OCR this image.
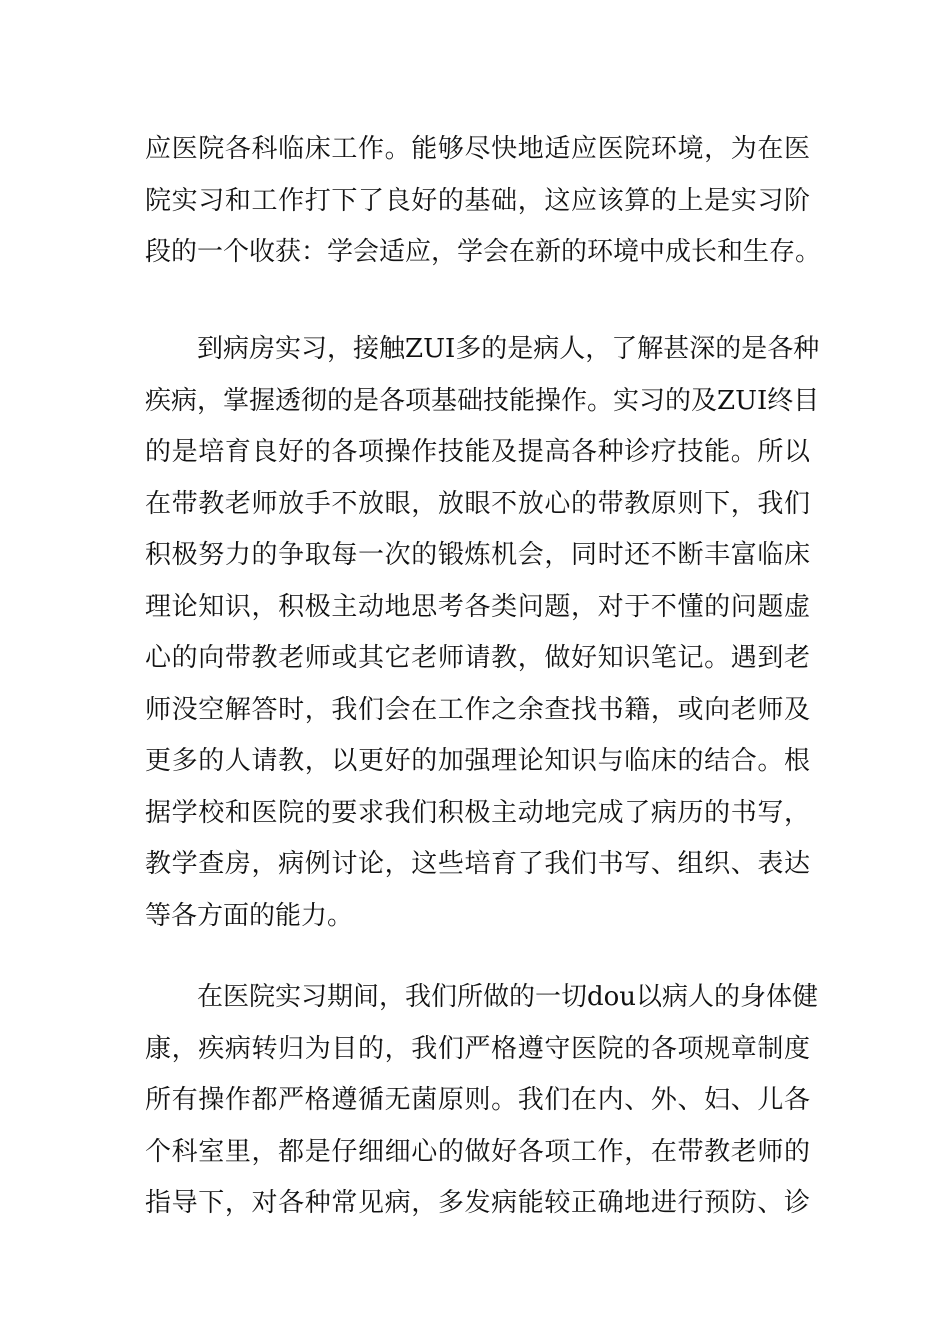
应医院各科临床工作。能够尽快地适应医院环境，为在医
院实习和工作打下了良好的基础，这应该算的上是实习阶
段的一个收获：学会适应，学会在新的环境中成长和生存。
到病房实习，接触ZUI多的是病人，了解甚深的是各种
疾病，掌握透彻的是各项基础技能操作。实习的及ZUI终目
的是培育良好的各项操作技能及提高各种诊疗技能。所以
在带教老师放手不放眼，放眼不放心的带教原则下，我们
积极努力的争取每一次的锻炼机会，同时还不断丰富临床
理论知识，积极主动地思考各类问题，对于不懂的问题虚
心的向带教老师或其它老师请教，做好知识笔记。遇到老
师没空解答时，我们会在工作之余查找书籍，或向老师及
更多的人请教，以更好的加强理论知识与临床的结合。根
据学校和医院的要求我们积极主动地完成了病历的书写，
教学查房，病例讨论，这些培育了我们书写、组织、表达
等各方面的能力。
在医院实习期间，我们所做的一切dou以病人的身体健
康，疾病转归为目的，我们严格遵守医院的各项规章制度
所有操作都严格遵循无菌原则。我们在内、外、妇、儿各
个科室里，都是仔细细心的做好各项工作，在带教老师的
指导下，对各种常见病，多发病能较正确地进行预防、诊
